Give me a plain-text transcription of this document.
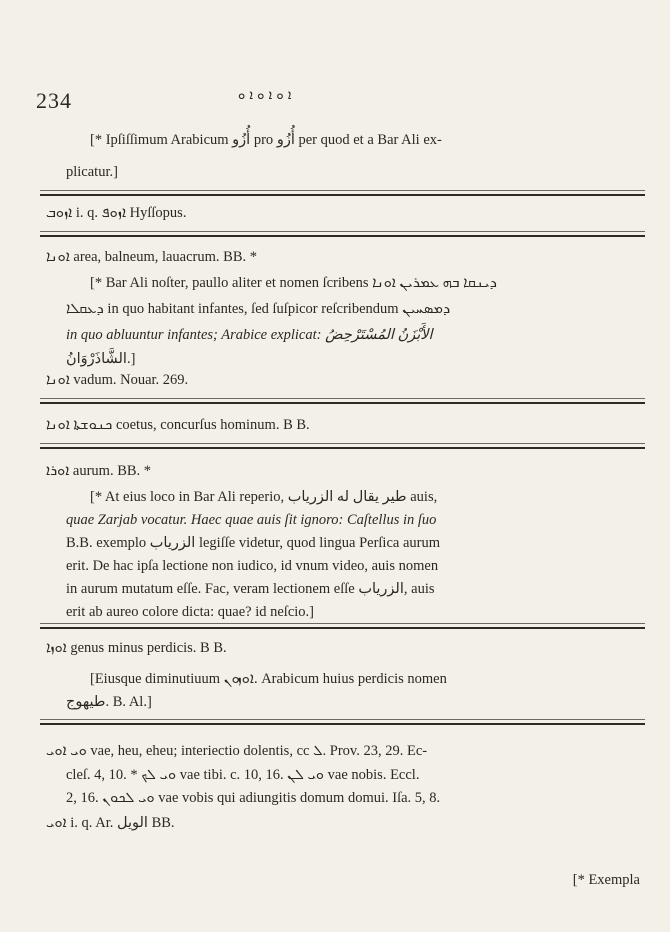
234	ܐ ܘ ܐ ܘ ܐ ܘ
[* Ipſiſſimum Arabicum أُزُو pro أُزُو per quod et a Bar Ali ex-
plicatur.]
ܐܙܘܒ i. q. ܐܙܘܦ Hyſſopus.
ܐܘܢܐ area, balneum, lauacrum. BB. *
[* Bar Ali noſter, paullo aliter et nomen ſcribens ܕܝܢܩܐ ܒܗ ܥܡܪܝܢ ܐܘܢܐ
ܕܥܩܠܐ in quo habitant infantes, ſed ſuſpicor reſcribendum ܕܡܣܚܝܢ
in quo abluuntur infantes; Arabice explicat: الأَبْزَنُ المُسْتَرْحِضُ
الشَّاذَرْوَانُ.]
ܐܘܢܐ vadum. Nouar. 269.
ܟܢܘܫܬܐ ܐܘܢܐ coetus, concurſus hominum. B B.
ܐܘܪܐ aurum. BB. *
[* At eius loco in Bar Ali reperio, طير يقال له الزرياب auis,
quae Zarjab vocatur. Haec quae auis ſit ignoro: Caſtellus in ſuo
B.B. exemplo الزرياب legiſſe videtur, quod lingua Perſica aurum
erit. De hac ipſa lectione non iudico, id vnum video, auis nomen
in aurum mutatum eſſe. Fac, veram lectionem eſſe الزرياب, auis
erit ab aureo colore dicta: quae? id neſcio.]
ܐܘܙܐ genus minus perdicis. B B.
[Eiusque diminutiuum ܐܘܙܘܢ. Arabicum huius perdicis nomen
طيهوج. B. Al.]
ܘܝ ܐܘܝ vae, heu, eheu; interiectio dolentis, cc ܠ. Prov. 23, 29. Ec-
cleſ. 4, 10. * ܘܝ ܠܟ vae tibi. c. 10, 16. ܘܝ ܠܢ vae nobis. Eccl.
2, 16. ܘܝ ܠܟܘܢ vae vobis qui adiungitis domum domui. Iſa. 5, 8.
ܐܘܝ i. q. Ar. الويل BB.
[* Exempla
